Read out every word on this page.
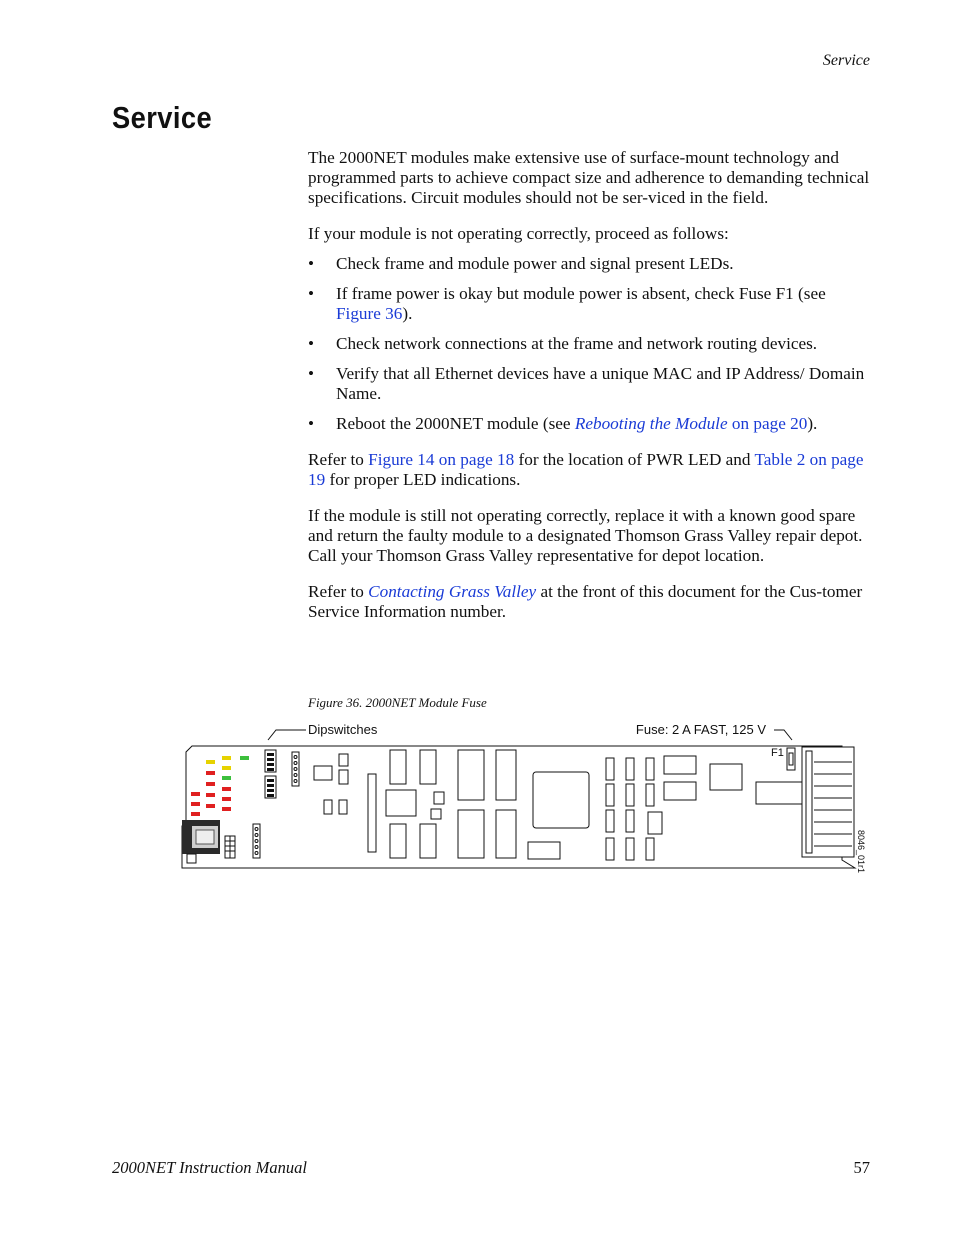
Service
Service

The 2000NET modules make extensive use of surface-mount technology and programmed parts to achieve compact size and adherence to demanding technical specifications. Circuit modules should not be ser-viced in the field.

If your module is not operating correctly, proceed as follows:

• Check frame and module power and signal present LEDs.
• If frame power is okay but module power is absent, check Fuse F1 (see Figure 36).
• Check network connections at the frame and network routing devices.
• Verify that all Ethernet devices have a unique MAC and IP Address/ Domain Name.
• Reboot the 2000NET module (see Rebooting the Module on page 20).

Refer to Figure 14 on page 18 for the location of PWR LED and Table 2 on page 19 for proper LED indications.

If the module is still not operating correctly, replace it with a known good spare and return the faulty module to a designated Thomson Grass Valley repair depot. Call your Thomson Grass Valley representative for depot location.

Refer to Contacting Grass Valley at the front of this document for the Cus-tomer Service Information number.

Figure 36. 2000NET Module Fuse
Dipswitches	Fuse: 2 A FAST, 125 V
F1
8046_01r1
2000NET Instruction Manual	57
